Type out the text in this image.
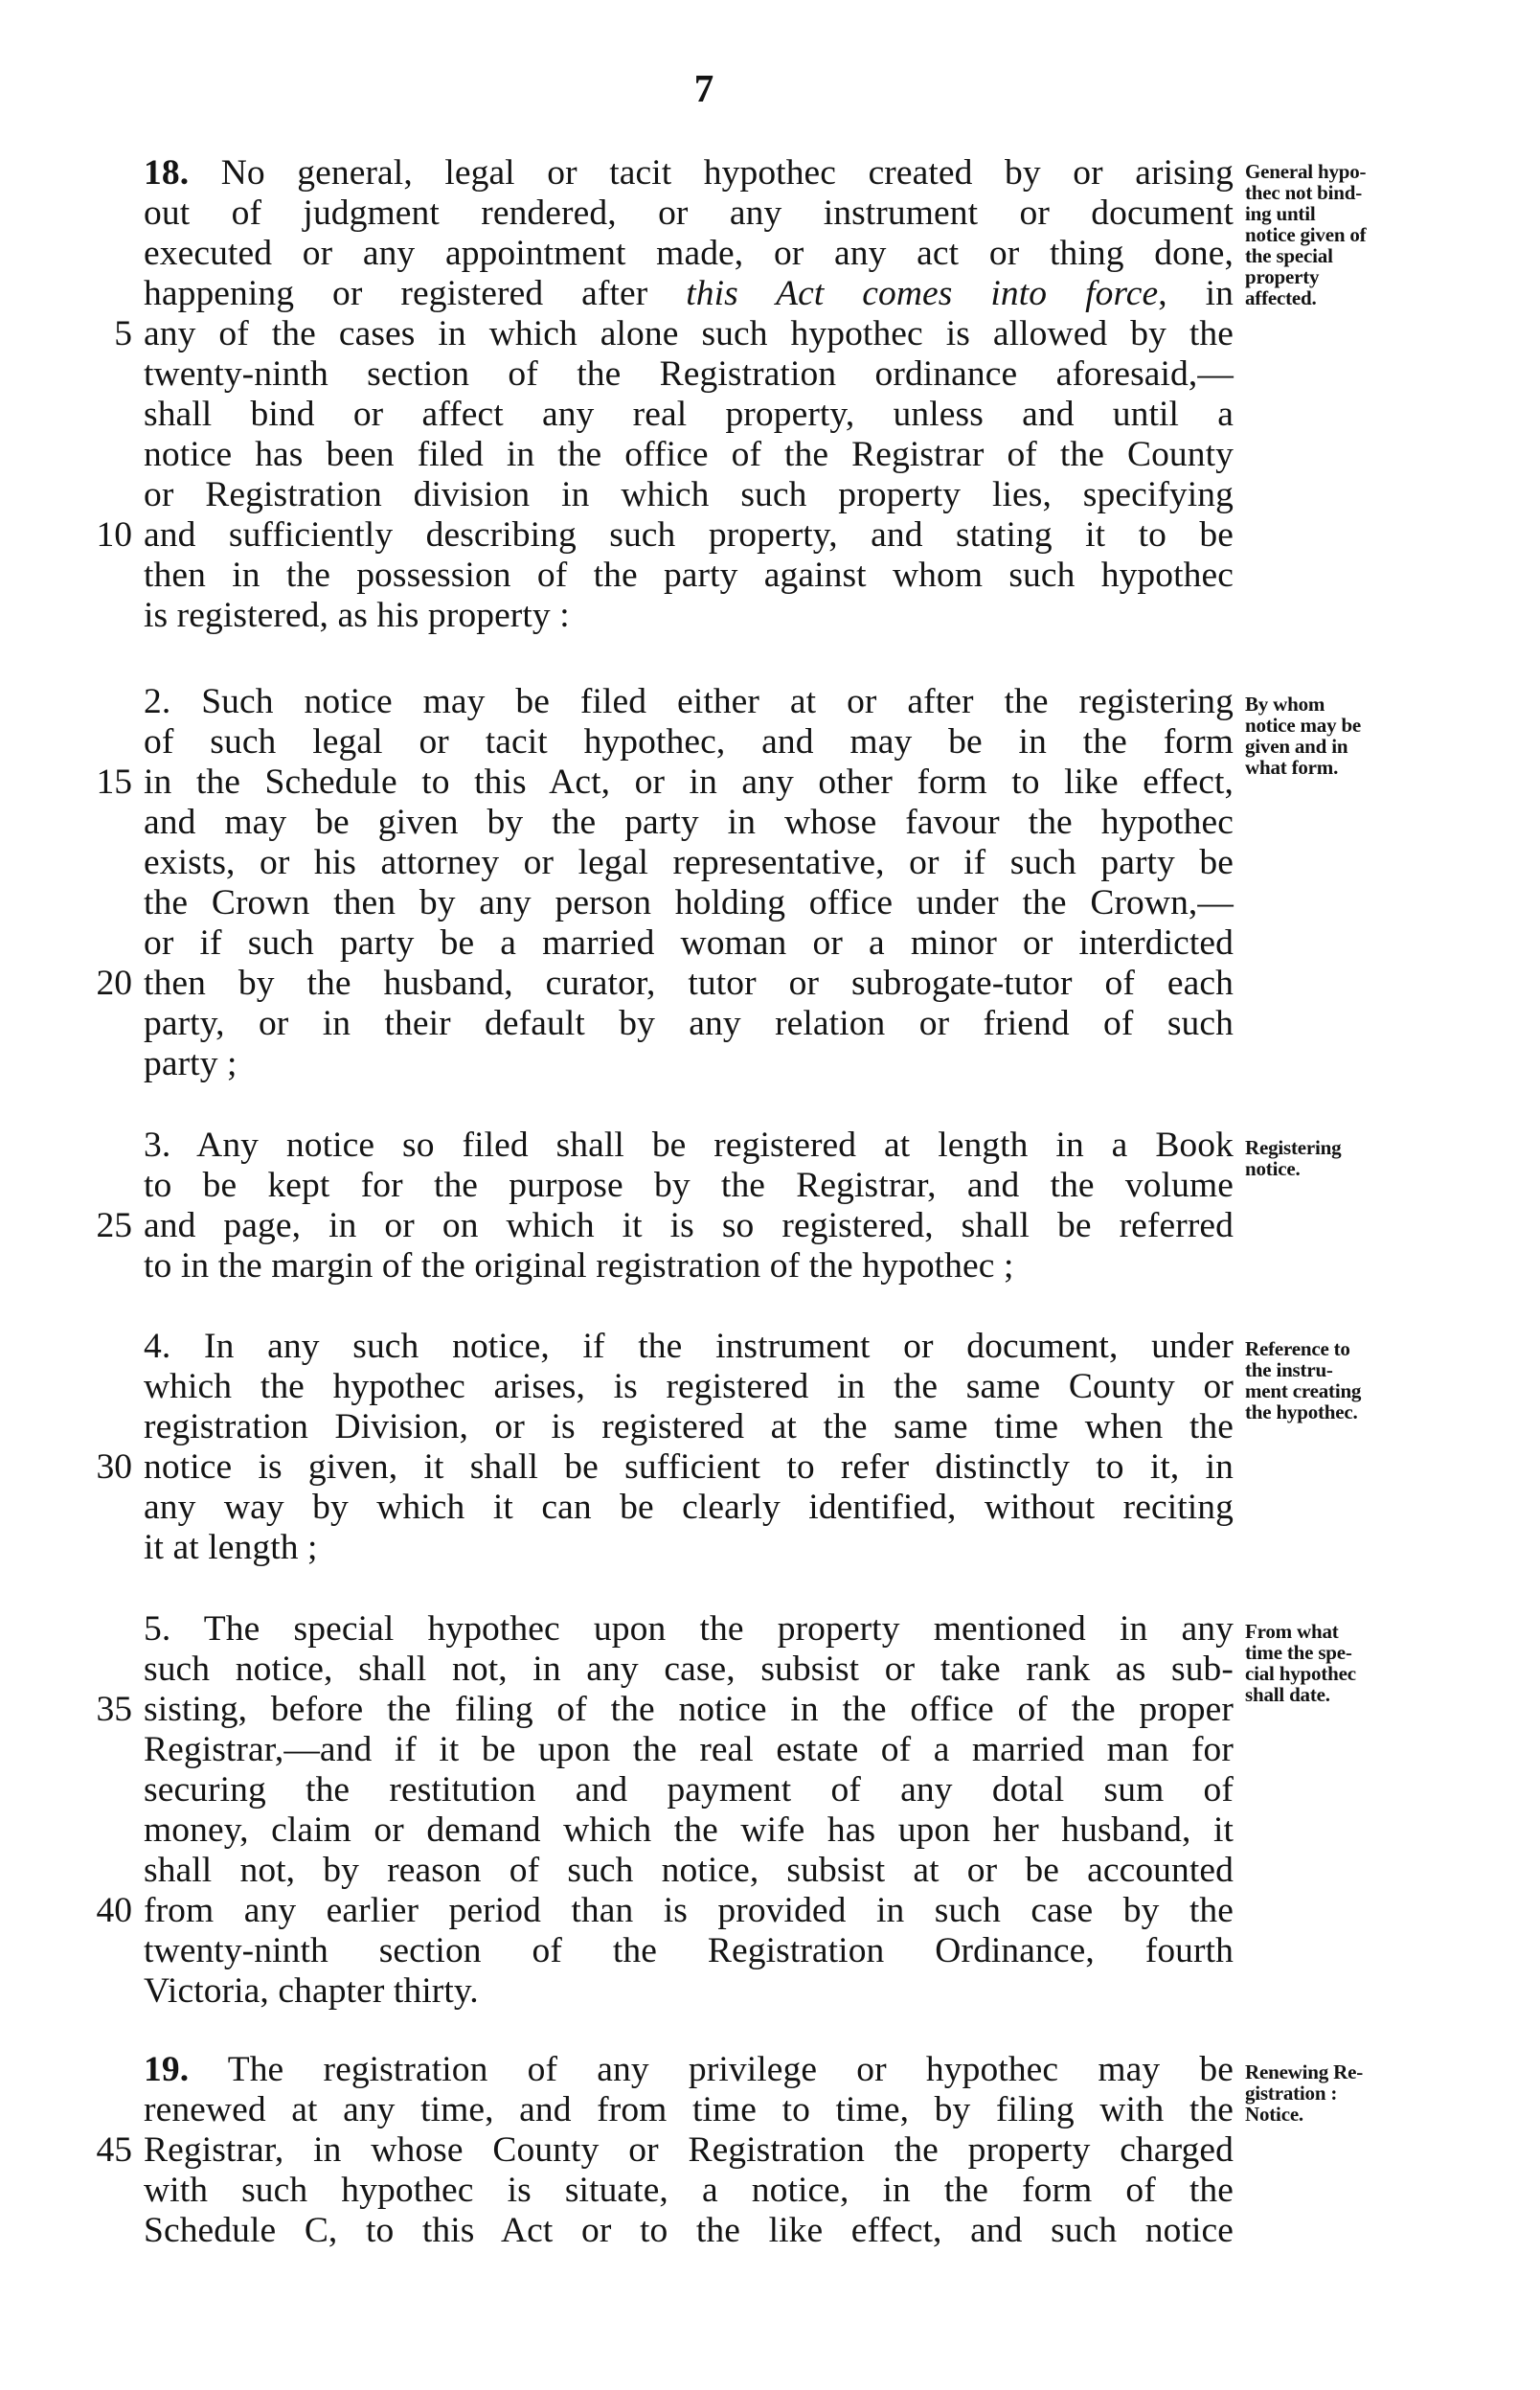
7
18. No general, legal or tacit hypothec created by or arising
out of judgment rendered, or any instrument or document
executed or any appointment made, or any act or thing done,
happening or registered after this Act comes into force, in
5 any of the cases in which alone such hypothec is allowed by the
twenty-ninth section of the Registration ordinance aforesaid,—
shall bind or affect any real property, unless and until a
notice has been filed in the office of the Registrar of the County
or Registration division in which such property lies, specifying
10 and sufficiently describing such property, and stating it to be
then in the possession of the party against whom such hypothec
is registered, as his property :
General hypo-
thec not bind-
ing until
notice given of
the special
property
affected.
2. Such notice may be filed either at or after the registering
of such legal or tacit hypothec, and may be in the form
15 in the Schedule to this Act, or in any other form to like effect,
and may be given by the party in whose favour the hypothec
exists, or his attorney or legal representative, or if such party be
the Crown then by any person holding office under the Crown,—
or if such party be a married woman or a minor or interdicted
20 then by the husband, curator, tutor or subrogate-tutor of each
party, or in their default by any relation or friend of such
party ;
By whom
notice may be
given and in
what form.
3. Any notice so filed shall be registered at length in a Book
to be kept for the purpose by the Registrar, and the volume
25 and page, in or on which it is so registered, shall be referred
to in the margin of the original registration of the hypothec ;
Registering
notice.
4. In any such notice, if the instrument or document, under
which the hypothec arises, is registered in the same County or
registration Division, or is registered at the same time when the
30 notice is given, it shall be sufficient to refer distinctly to it, in
any way by which it can be clearly identified, without reciting
it at length ;
Reference to
the instru-
ment creating
the hypothec.
5. The special hypothec upon the property mentioned in any
such notice, shall not, in any case, subsist or take rank as sub-
35 sisting, before the filing of the notice in the office of the proper
Registrar,—and if it be upon the real estate of a married man for
securing the restitution and payment of any dotal sum of
money, claim or demand which the wife has upon her husband, it
shall not, by reason of such notice, subsist at or be accounted
40 from any earlier period than is provided in such case by the
twenty-ninth section of the Registration Ordinance, fourth
Victoria, chapter thirty.
From what
time the spe-
cial hypothec
shall date.
19. The registration of any privilege or hypothec may be
renewed at any time, and from time to time, by filing with the
45 Registrar, in whose County or Registration the property charged
with such hypothec is situate, a notice, in the form of the
Schedule C, to this Act or to the like effect, and such notice
Renewing Re-
gistration :
Notice.
